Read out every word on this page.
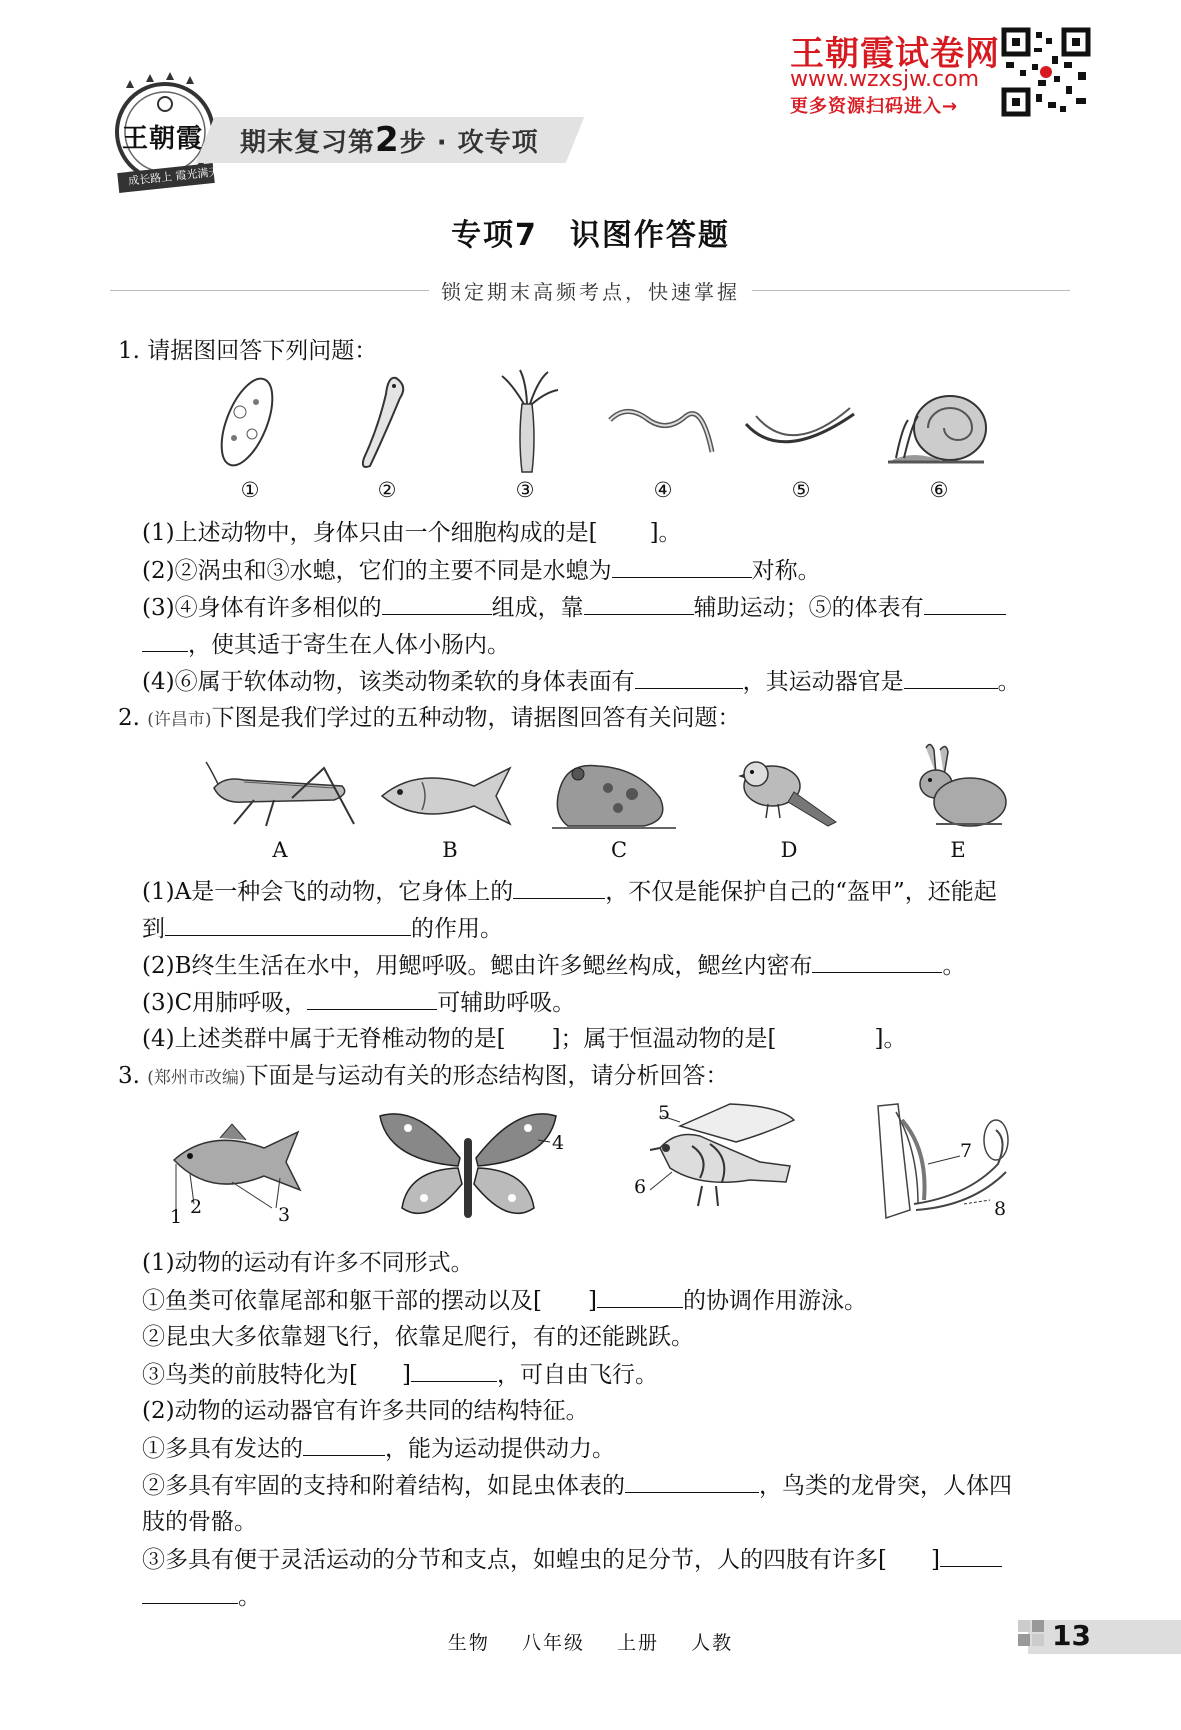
王朝霞
成长路上 霞光满天
期末复习第2步 · 攻专项
王朝霞试卷网
www.wzxsjw.com
更多资源扫码进入→
专项7　识图作答题
锁定期末高频考点，快速掌握
1. 请据图回答下列问题：
①	②	③	④	⑤	⑥
(1)上述动物中，身体只由一个细胞构成的是[ ]。
(2)②涡虫和③水螅，它们的主要不同是水螅为	对称。
(3)④身体有许多相似的	组成，靠	辅助运动；⑤的体表有
，使其适于寄生在人体小肠内。
(4)⑥属于软体动物，该类动物柔软的身体表面有	，其运动器官是	。
2. (许昌市)下图是我们学过的五种动物，请据图回答有关问题：
A	B	C	D	E
(1)A是一种会飞的动物，它身体上的	，不仅是能保护自己的“盔甲”，还能起
到	的作用。
(2)B终生生活在水中，用鳃呼吸。鳃由许多鳃丝构成，鳃丝内密布	。
(3)C用肺呼吸，	可辅助呼吸。
(4)上述类群中属于无脊椎动物的是[ ]；属于恒温动物的是[	]。
3. (郑州市改编)下面是与运动有关的形态结构图，请分析回答：
1 2	3
4
5
6
7
8
(1)动物的运动有许多不同形式。
①鱼类可依靠尾部和躯干部的摆动以及[ ]	的协调作用游泳。
②昆虫大多依靠翅飞行，依靠足爬行，有的还能跳跃。
③鸟类的前肢特化为[ ]	，可自由飞行。
(2)动物的运动器官有许多共同的结构特征。
①多具有发达的	，能为运动提供动力。
②多具有牢固的支持和附着结构，如昆虫体表的	，鸟类的龙骨突，人体四
肢的骨骼。
③多具有便于灵活运动的分节和支点，如蝗虫的足分节，人的四肢有许多[ ]
。
生物 八年级 上册 人教	13
